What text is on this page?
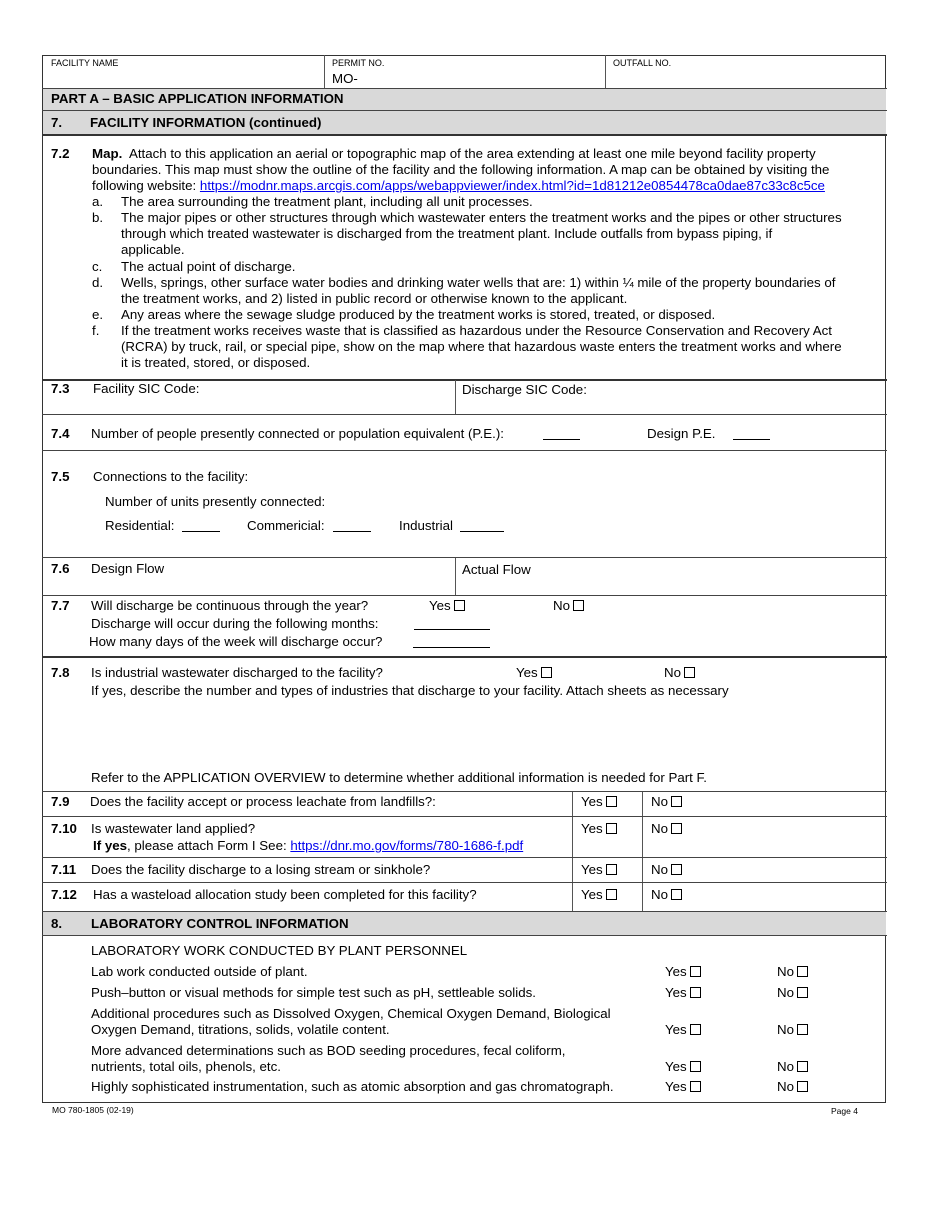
FACILITY NAME	PERMIT NO.
MO-
OUTFALL NO.
PART A – BASIC APPLICATION INFORMATION
7. FACILITY INFORMATION (continued)
7.2 Map. Attach to this application an aerial or topographic map of the area extending at least one mile beyond facility property
boundaries. This map must show the outline of the facility and the following information. A map can be obtained by visiting the
following website: https://modnr.maps.arcgis.com/apps/webappviewer/index.html?id=1d81212e0854478ca0dae87c33c8c5ce
a.	The area surrounding the treatment plant, including all unit processes.
b.	The major pipes or other structures through which wastewater enters the treatment works and the pipes or other structures
through which treated wastewater is discharged from the treatment plant. Include outfalls from bypass piping, if
applicable.
c.	The actual point of discharge.
d.	Wells, springs, other surface water bodies and drinking water wells that are: 1) within ¼ mile of the property boundaries of
the treatment works, and 2) listed in public record or otherwise known to the applicant.
e.	Any areas where the sewage sludge produced by the treatment works is stored, treated, or disposed.
f.	If the treatment works receives waste that is classified as hazardous under the Resource Conservation and Recovery Act
(RCRA) by truck, rail, or special pipe, show on the map where that hazardous waste enters the treatment works and where
it is treated, stored, or disposed.
7.3 Facility SIC Code:	Discharge SIC Code:
7.4 Number of people presently connected or population equivalent (P.E.):	Design P.E.
7.5 Connections to the facility:
Number of units presently connected:
Residential:	Commericial:	Industrial
7.6 Design Flow	Actual Flow
7.7 Will discharge be continuous through the year?	Yes	No
Discharge will occur during the following months:
How many days of the week will discharge occur?
7.8 Is industrial wastewater discharged to the facility?	Yes	No
If yes, describe the number and types of industries that discharge to your facility. Attach sheets as necessary
Refer to the APPLICATION OVERVIEW to determine whether additional information is needed for Part F.
7.9 Does the facility accept or process leachate from landfills?:	Yes	No
7.10 Is wastewater land applied?
If yes, please attach Form I See: https://dnr.mo.gov/forms/780-1686-f.pdf
Yes	No
7.11 Does the facility discharge to a losing stream or sinkhole?	Yes	No
7.12 Has a wasteload allocation study been completed for this facility?	Yes	No
8. LABORATORY CONTROL INFORMATION
LABORATORY WORK CONDUCTED BY PLANT PERSONNEL
Lab work conducted outside of plant.	Yes	No
Push–button or visual methods for simple test such as pH, settleable solids.	Yes	No
Additional procedures such as Dissolved Oxygen, Chemical Oxygen Demand, Biological
Oxygen Demand, titrations, solids, volatile content.	Yes	No
More advanced determinations such as BOD seeding procedures, fecal coliform,
nutrients, total oils, phenols, etc.	Yes	No
Highly sophisticated instrumentation, such as atomic absorption and gas chromatograph.	Yes	No
MO 780-1805 (02-19)	Page 4
